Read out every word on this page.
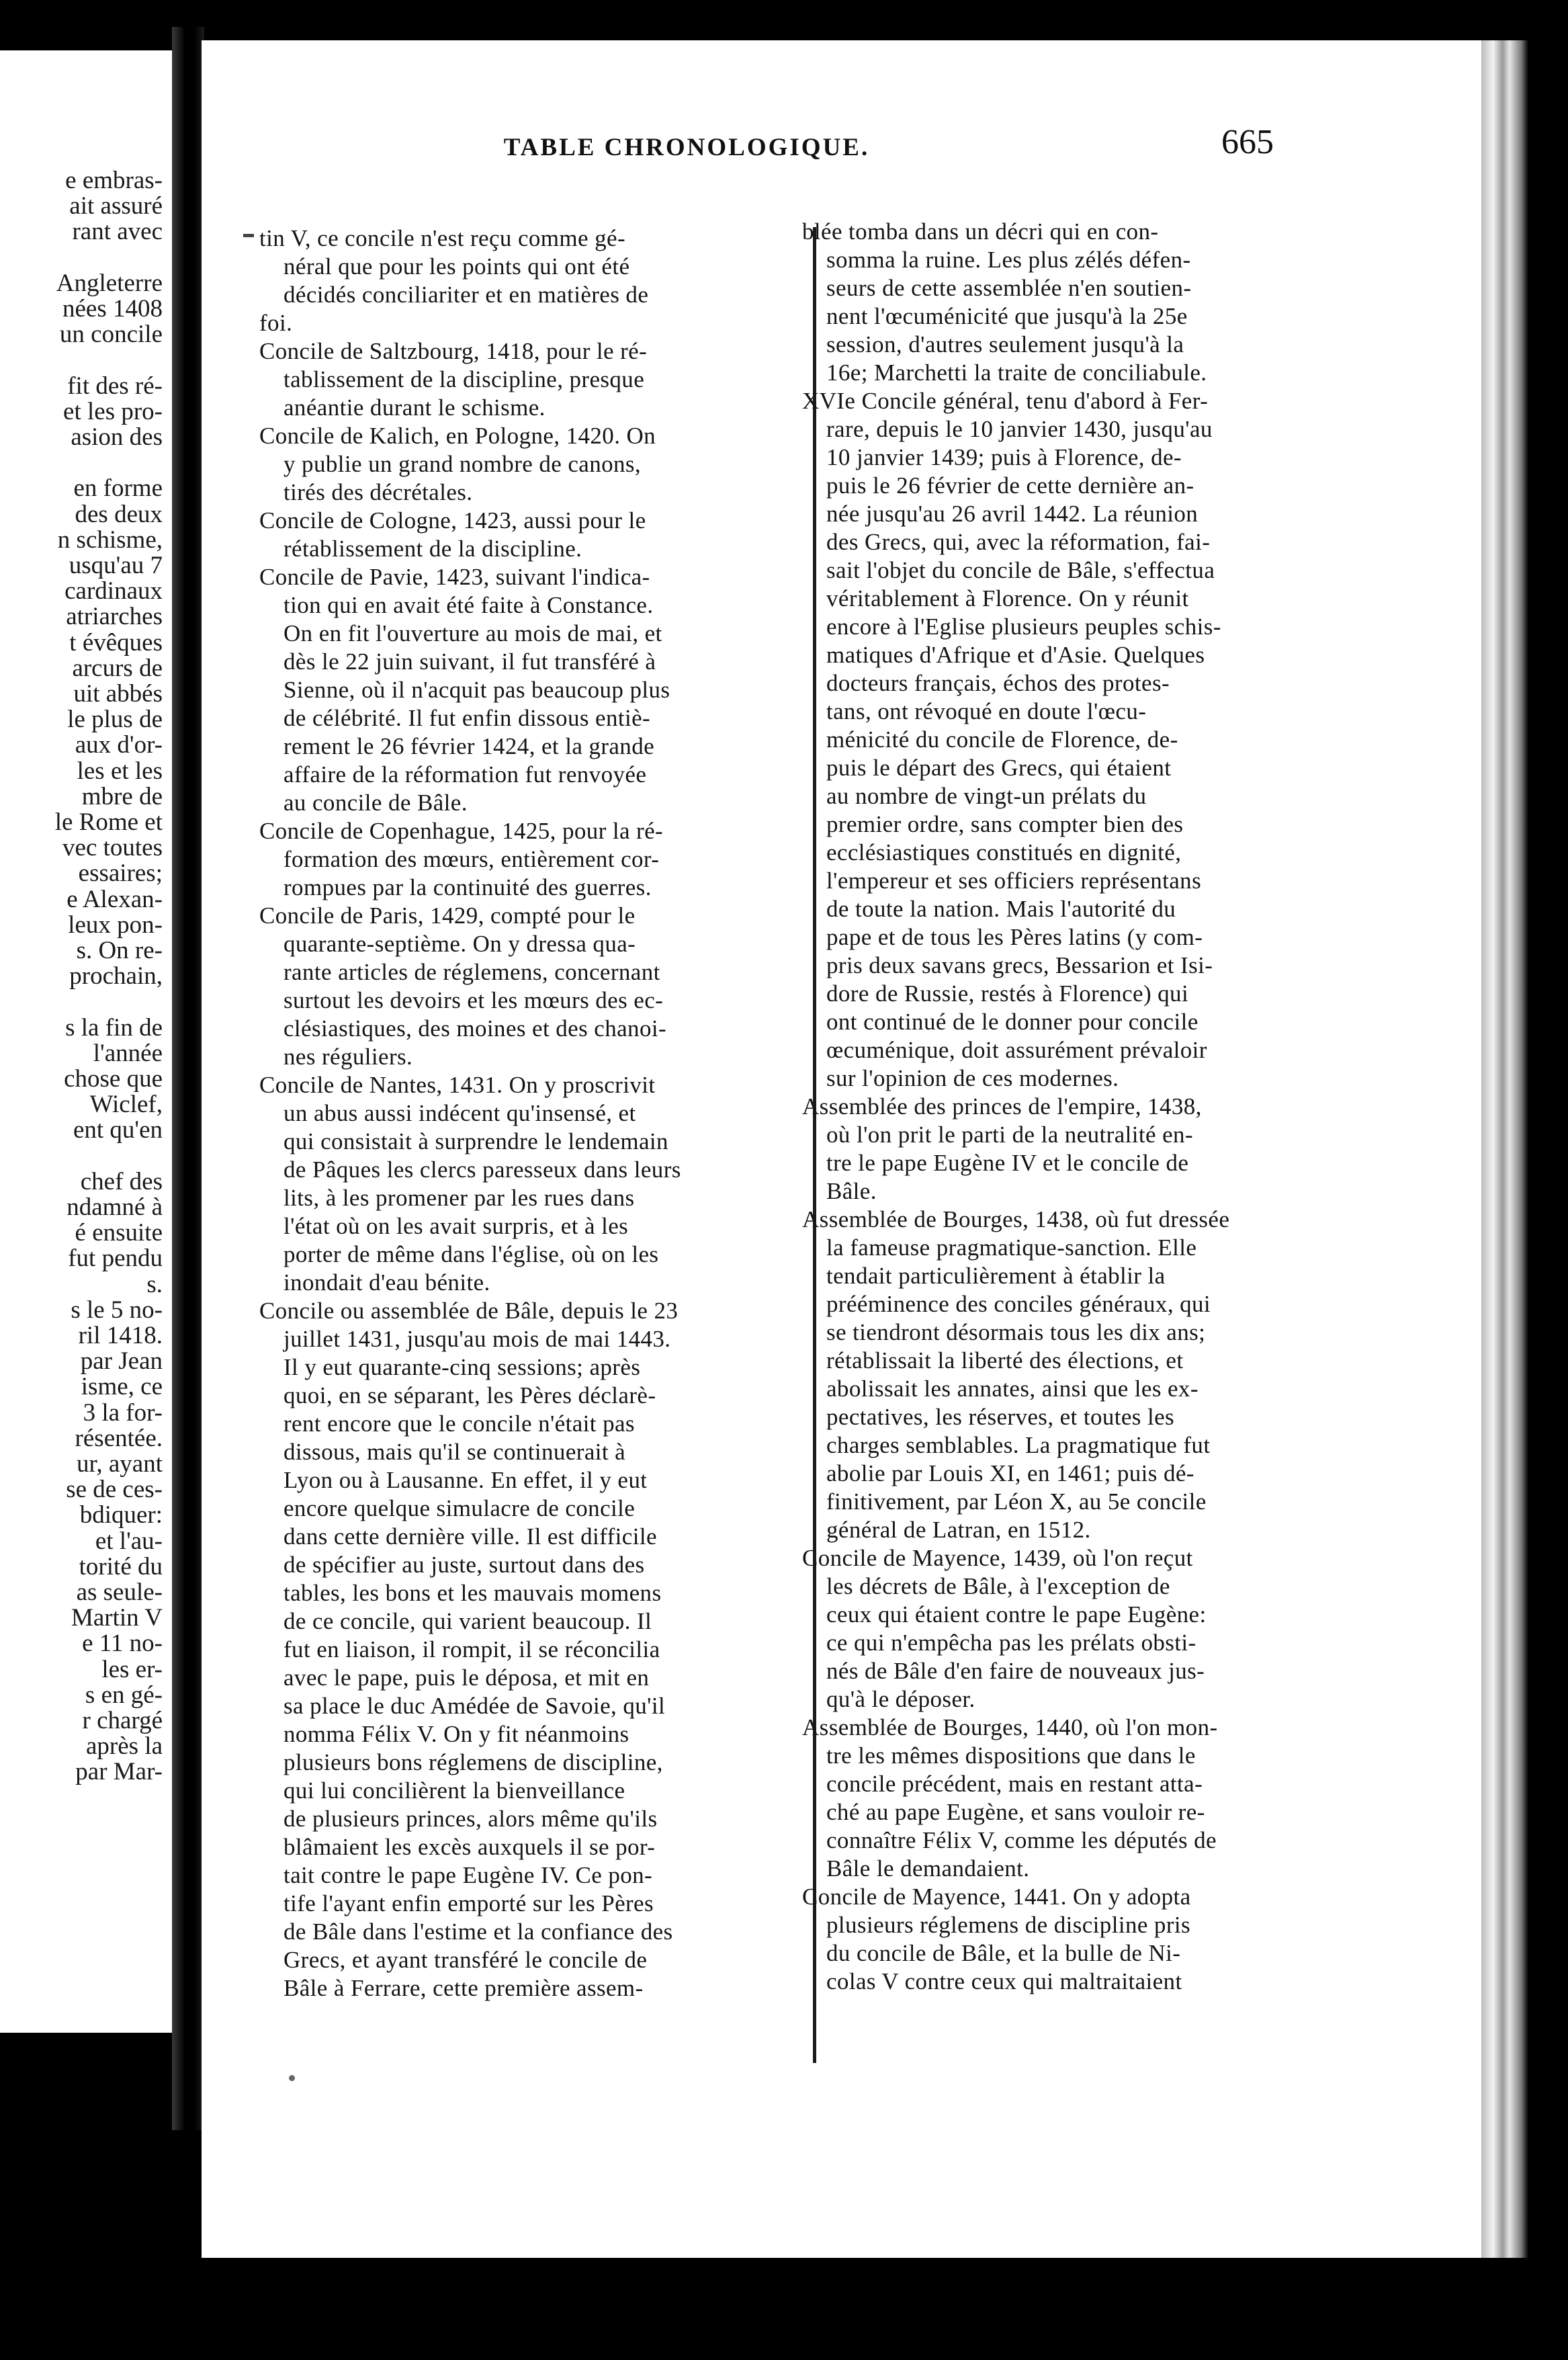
e embras-
ait assuré
rant avec
Angleterre
nées 1408
un concile
fit des ré-
et les pro-
asion des
en forme
des deux
n schisme,
usqu'au 7
cardinaux
atriarches
t évêques
arcurs de
uit abbés
le plus de
aux d'or-
les et les
mbre de
le Rome et
vec toutes
essaires;
e Alexan-
leux pon-
s. On re-
prochain,
s la fin de
l'année
chose que
Wiclef,
ent qu'en
chef des
ndamné à
é ensuite
fut pendu
s.
s le 5 no-
ril 1418.
par Jean
isme, ce
3 la for-
résentée.
ur, ayant
se de ces-
bdiquer:
et l'au-
torité du
as seule-
Martin V
e 11 no-
les er-
s en gé-
r chargé
après la
par Mar-
TABLE CHRONOLOGIQUE.	665
tin V, ce concile n'est reçu comme gé-
néral que pour les points qui ont été
décidés conciliariter et en matières de
foi.
Concile de Saltzbourg, 1418, pour le ré-
tablissement de la discipline, presque
anéantie durant le schisme.
Concile de Kalich, en Pologne, 1420. On
y publie un grand nombre de canons,
tirés des décrétales.
Concile de Cologne, 1423, aussi pour le
rétablissement de la discipline.
Concile de Pavie, 1423, suivant l'indica-
tion qui en avait été faite à Constance.
On en fit l'ouverture au mois de mai, et
dès le 22 juin suivant, il fut transféré à
Sienne, où il n'acquit pas beaucoup plus
de célébrité. Il fut enfin dissous entiè-
rement le 26 février 1424, et la grande
affaire de la réformation fut renvoyée
au concile de Bâle.
Concile de Copenhague, 1425, pour la ré-
formation des mœurs, entièrement cor-
rompues par la continuité des guerres.
Concile de Paris, 1429, compté pour le
quarante-septième. On y dressa qua-
rante articles de réglemens, concernant
surtout les devoirs et les mœurs des ec-
clésiastiques, des moines et des chanoi-
nes réguliers.
Concile de Nantes, 1431. On y proscrivit
un abus aussi indécent qu'insensé, et
qui consistait à surprendre le lendemain
de Pâques les clercs paresseux dans leurs
lits, à les promener par les rues dans
l'état où on les avait surpris, et à les
porter de même dans l'église, où on les
inondait d'eau bénite.
Concile ou assemblée de Bâle, depuis le 23
juillet 1431, jusqu'au mois de mai 1443.
Il y eut quarante-cinq sessions; après
quoi, en se séparant, les Pères déclarè-
rent encore que le concile n'était pas
dissous, mais qu'il se continuerait à
Lyon ou à Lausanne. En effet, il y eut
encore quelque simulacre de concile
dans cette dernière ville. Il est difficile
de spécifier au juste, surtout dans des
tables, les bons et les mauvais momens
de ce concile, qui varient beaucoup. Il
fut en liaison, il rompit, il se réconcilia
avec le pape, puis le déposa, et mit en
sa place le duc Amédée de Savoie, qu'il
nomma Félix V. On y fit néanmoins
plusieurs bons réglemens de discipline,
qui lui concilièrent la bienveillance
de plusieurs princes, alors même qu'ils
blâmaient les excès auxquels il se por-
tait contre le pape Eugène IV. Ce pon-
tife l'ayant enfin emporté sur les Pères
de Bâle dans l'estime et la confiance des
Grecs, et ayant transféré le concile de
Bâle à Ferrare, cette première assem-
blée tomba dans un décri qui en con-
somma la ruine. Les plus zélés défen-
seurs de cette assemblée n'en soutien-
nent l'œcuménicité que jusqu'à la 25e
session, d'autres seulement jusqu'à la
16e; Marchetti la traite de conciliabule.
XVIe Concile général, tenu d'abord à Fer-
rare, depuis le 10 janvier 1430, jusqu'au
10 janvier 1439; puis à Florence, de-
puis le 26 février de cette dernière an-
née jusqu'au 26 avril 1442. La réunion
des Grecs, qui, avec la réformation, fai-
sait l'objet du concile de Bâle, s'effectua
véritablement à Florence. On y réunit
encore à l'Eglise plusieurs peuples schis-
matiques d'Afrique et d'Asie. Quelques
docteurs français, échos des protes-
tans, ont révoqué en doute l'œcu-
ménicité du concile de Florence, de-
puis le départ des Grecs, qui étaient
au nombre de vingt-un prélats du
premier ordre, sans compter bien des
ecclésiastiques constitués en dignité,
l'empereur et ses officiers représentans
de toute la nation. Mais l'autorité du
pape et de tous les Pères latins (y com-
pris deux savans grecs, Bessarion et Isi-
dore de Russie, restés à Florence) qui
ont continué de le donner pour concile
œcuménique, doit assurément prévaloir
sur l'opinion de ces modernes.
Assemblée des princes de l'empire, 1438,
où l'on prit le parti de la neutralité en-
tre le pape Eugène IV et le concile de
Bâle.
Assemblée de Bourges, 1438, où fut dressée
la fameuse pragmatique-sanction. Elle
tendait particulièrement à établir la
prééminence des conciles généraux, qui
se tiendront désormais tous les dix ans;
rétablissait la liberté des élections, et
abolissait les annates, ainsi que les ex-
pectatives, les réserves, et toutes les
charges semblables. La pragmatique fut
abolie par Louis XI, en 1461; puis dé-
finitivement, par Léon X, au 5e concile
général de Latran, en 1512.
Concile de Mayence, 1439, où l'on reçut
les décrets de Bâle, à l'exception de
ceux qui étaient contre le pape Eugène:
ce qui n'empêcha pas les prélats obsti-
nés de Bâle d'en faire de nouveaux jus-
qu'à le déposer.
Assemblée de Bourges, 1440, où l'on mon-
tre les mêmes dispositions que dans le
concile précédent, mais en restant atta-
ché au pape Eugène, et sans vouloir re-
connaître Félix V, comme les députés de
Bâle le demandaient.
Concile de Mayence, 1441. On y adopta
plusieurs réglemens de discipline pris
du concile de Bâle, et la bulle de Ni-
colas V contre ceux qui maltraitaient
